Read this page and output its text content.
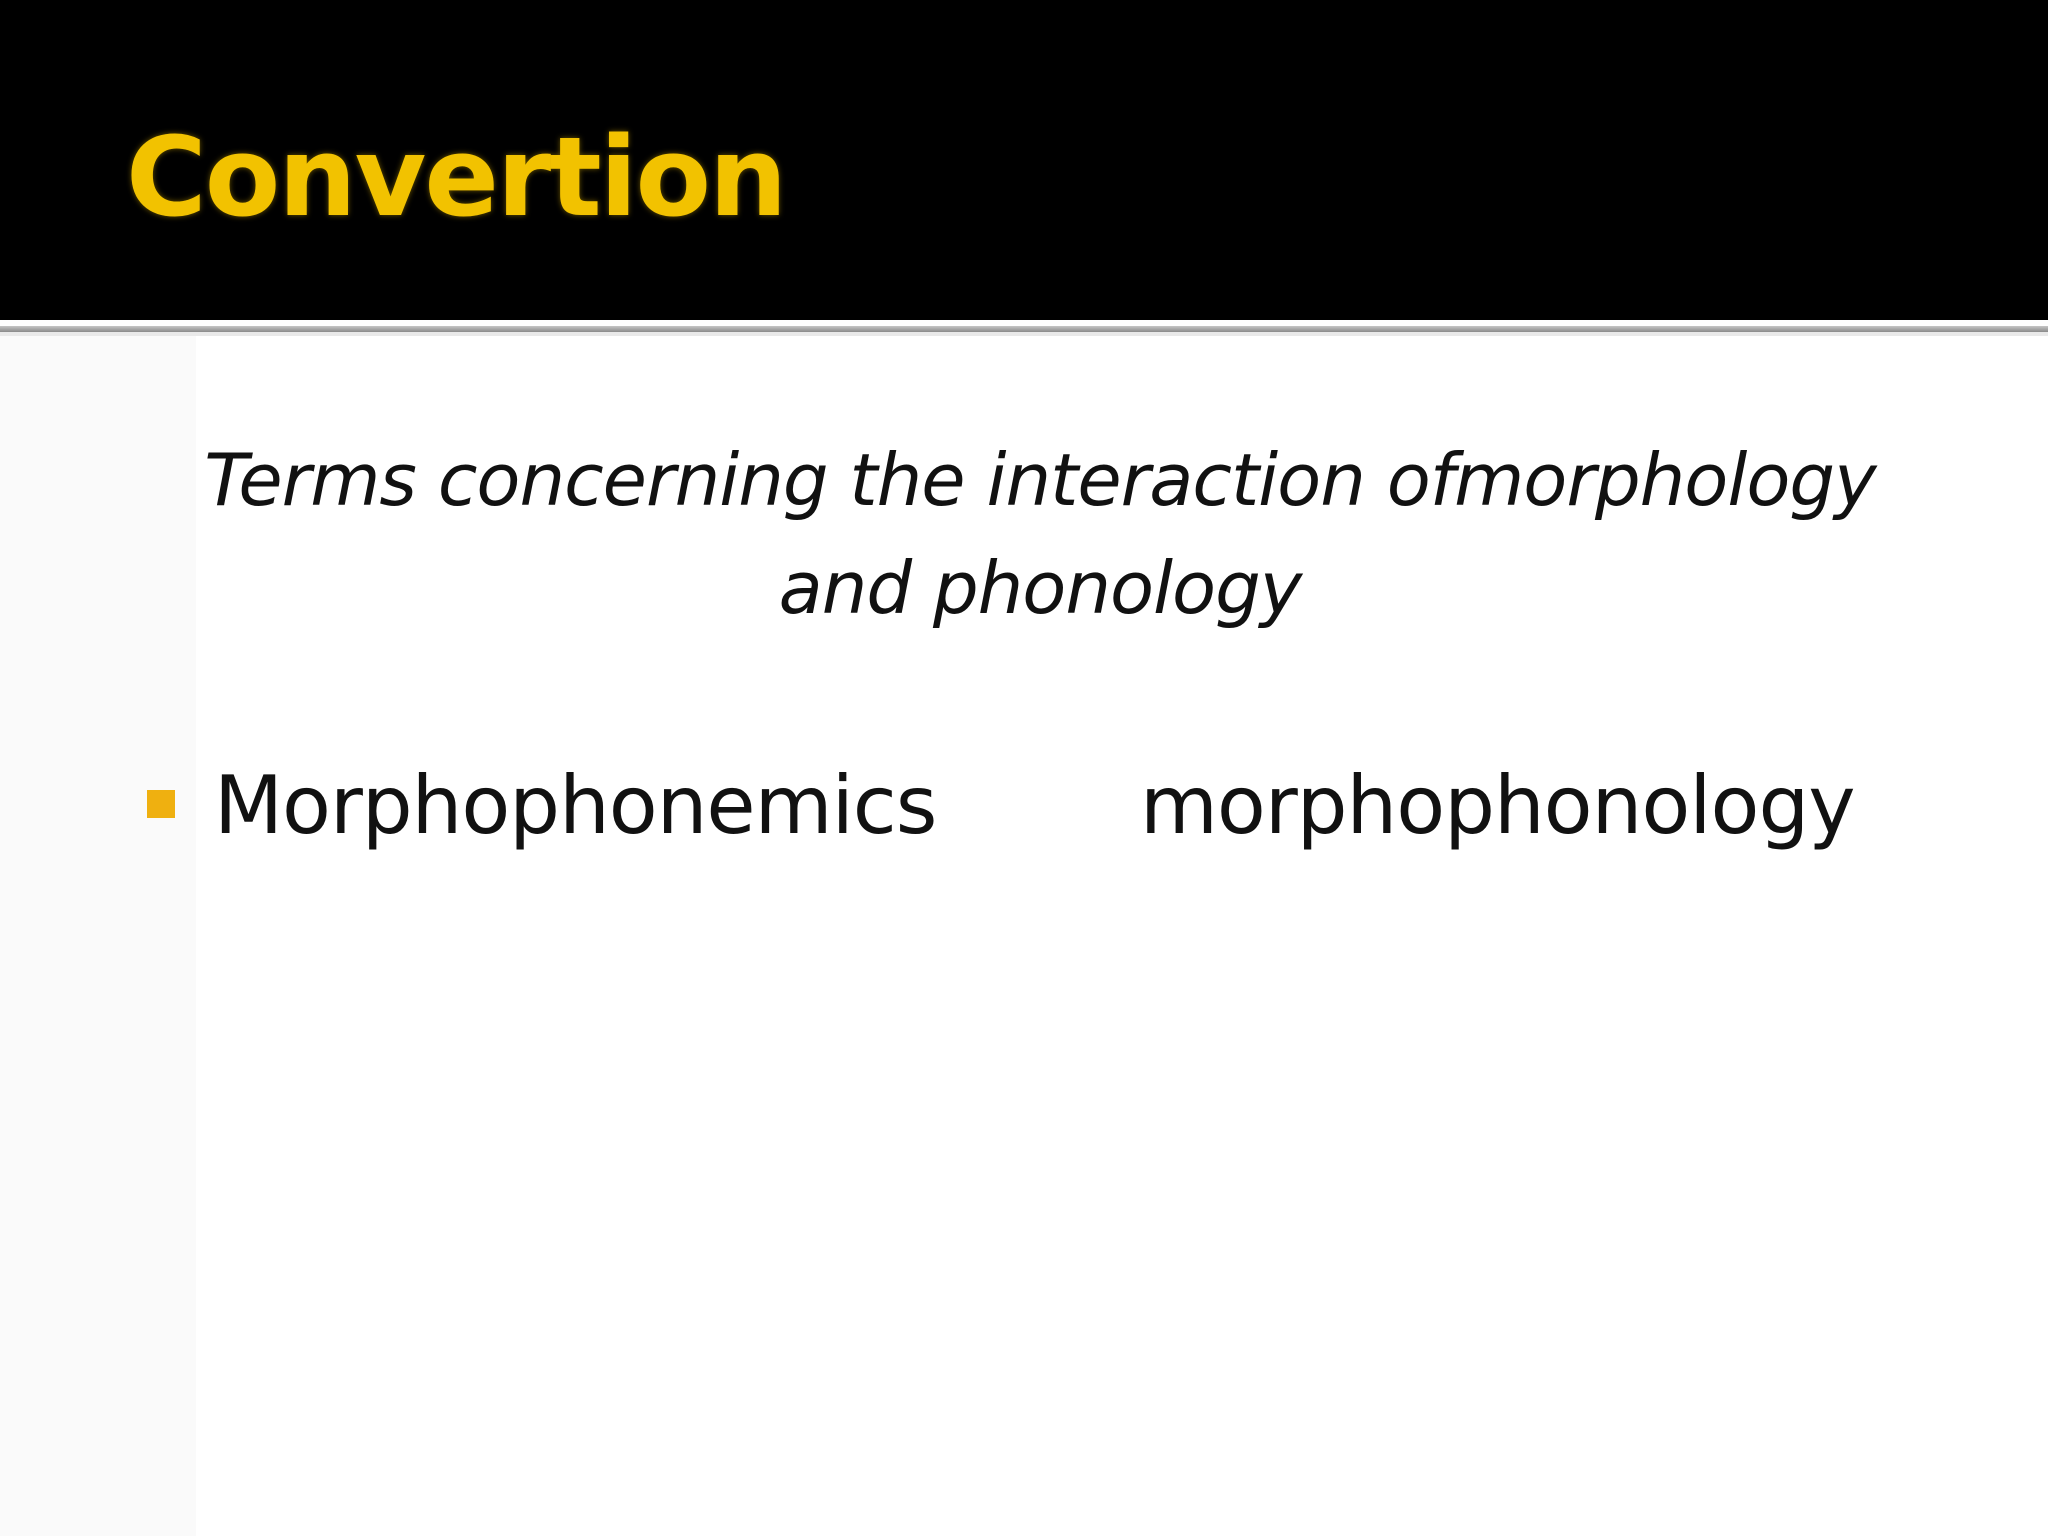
Convertion

Terms concerning the interaction ofmorphology
and phonology

Morphophonemics	morphophonology
